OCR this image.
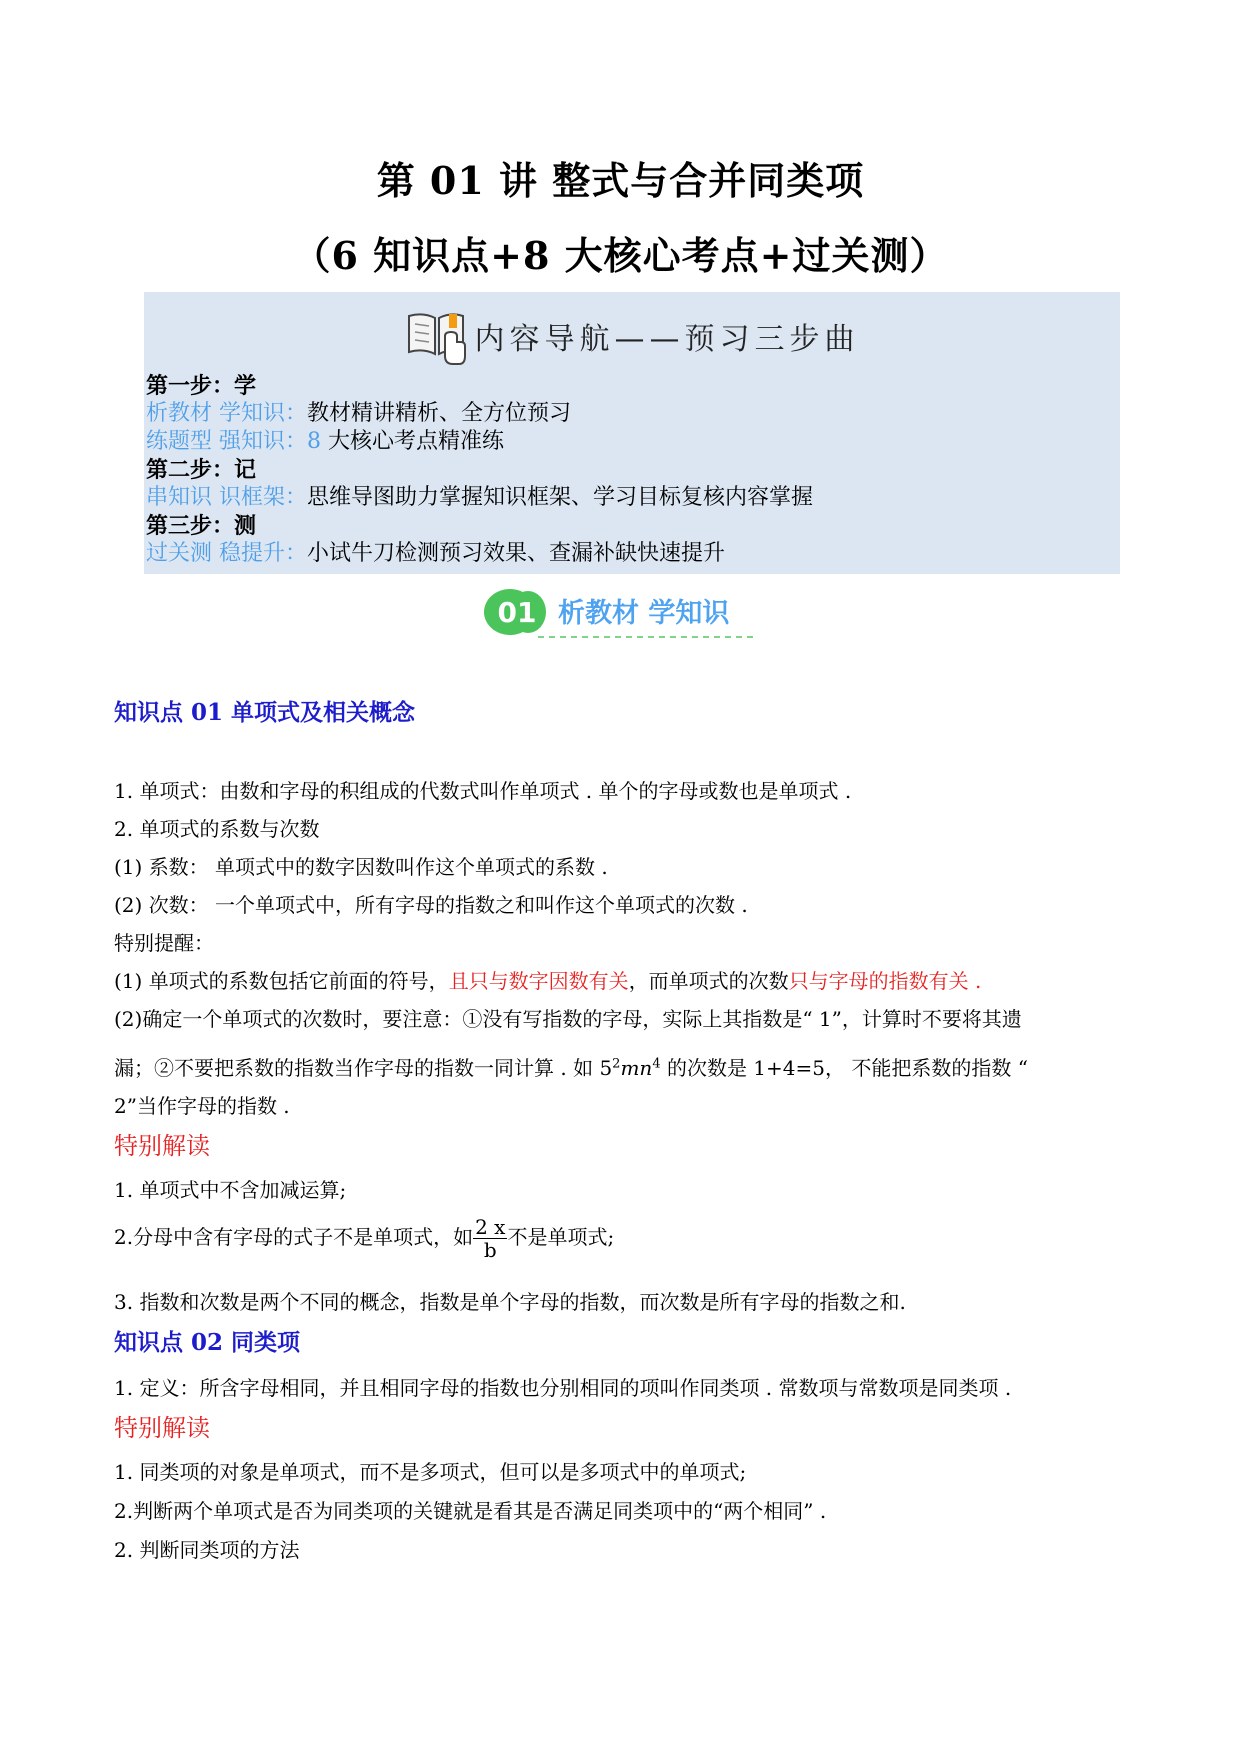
第 01 讲 整式与合并同类项
（6 知识点+8 大核心考点+过关测）
内容导航——预习三步曲
第一步：学
析教材 学知识：教材精讲精析、全方位预习
练题型 强知识：8 大核心考点精准练
第二步：记
串知识 识框架：思维导图助力掌握知识框架、学习目标复核内容掌握
第三步：测
过关测 稳提升：小试牛刀检测预习效果、查漏补缺快速提升
01 析教材 学知识
知识点 01 单项式及相关概念
1. 单项式：由数和字母的积组成的代数式叫作单项式 . 单个的字母或数也是单项式 .
2. 单项式的系数与次数
(1) 系数： 单项式中的数字因数叫作这个单项式的系数 .
(2) 次数： 一个单项式中，所有字母的指数之和叫作这个单项式的次数 .
特别提醒：
(1) 单项式的系数包括它前面的符号，且只与数字因数有关，而单项式的次数只与字母的指数有关 .
(2)确定一个单项式的次数时，要注意：①没有写指数的字母，实际上其指数是“ 1”，计算时不要将其遗
漏；②不要把系数的指数当作字母的指数一同计算 . 如 $5^2mn^4$ 的次数是 1+4=5， 不能把系数的指数 “
2”当作字母的指数 .
特别解读
1. 单项式中不含加减运算;
2.分母中含有字母的式子不是单项式，如 $\frac{2 x}{b}$ 不是单项式;
3. 指数和次数是两个不同的概念，指数是单个字母的指数，而次数是所有字母的指数之和.
知识点 02 同类项
1. 定义：所含字母相同，并且相同字母的指数也分别相同的项叫作同类项 . 常数项与常数项是同类项 .
特别解读
1. 同类项的对象是单项式，而不是多项式，但可以是多项式中的单项式;
2.判断两个单项式是否为同类项的关键就是看其是否满足同类项中的“两个相同” .
2. 判断同类项的方法
